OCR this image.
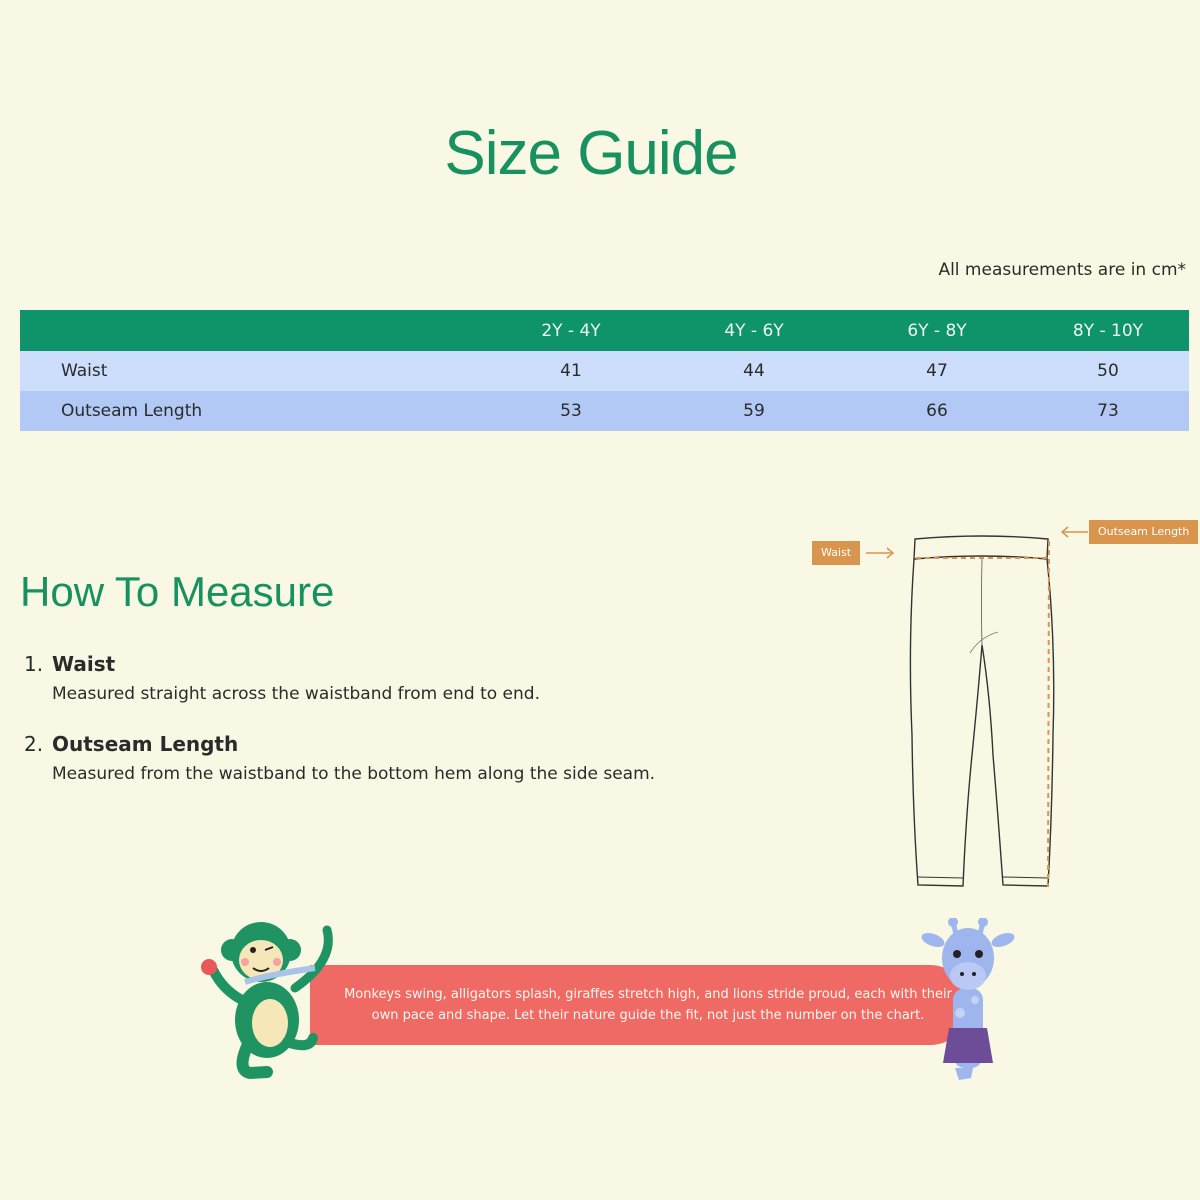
Size Guide
All measurements are in cm*
	2Y - 4Y	4Y - 6Y	6Y - 8Y	8Y - 10Y
Waist	41	44	47	50
Outseam Length	53	59	66	73
How To Measure
1. Waist
Measured straight across the waistband from end to end.
2. Outseam Length
Measured from the waistband to the bottom hem along the side seam.
Waist
Outseam Length
Monkeys swing, alligators splash, giraffes stretch high, and lions stride proud, each with their
own pace and shape. Let their nature guide the fit, not just the number on the chart.
